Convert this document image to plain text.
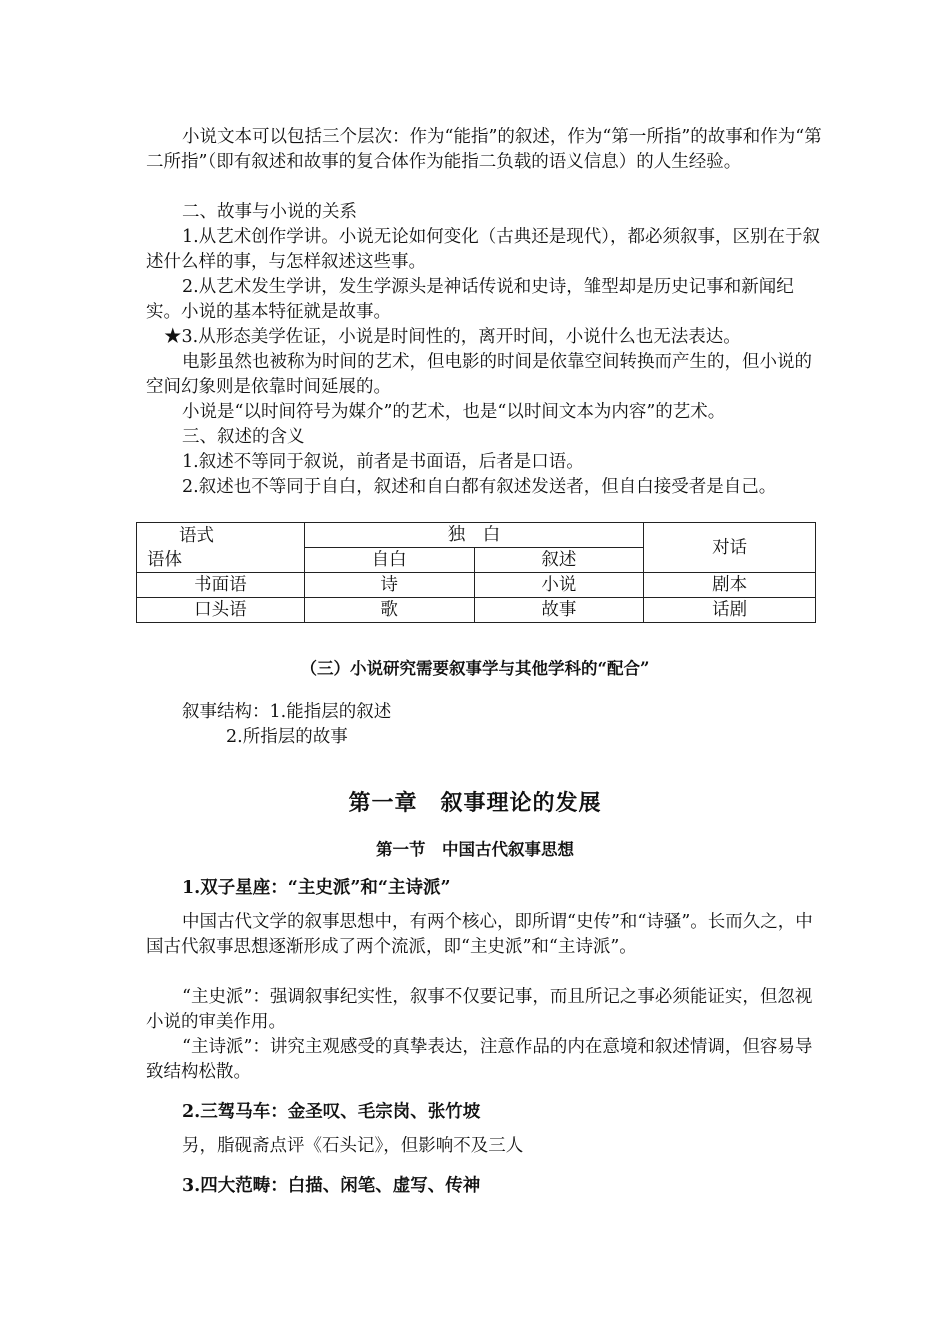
小说文本可以包括三个层次：作为“能指”的叙述，作为“第一所指”的故事和作为“第二所指”（即有叙述和故事的复合体作为能指二负载的语义信息）的人生经验。

二、故事与小说的关系

1.从艺术创作学讲。小说无论如何变化（古典还是现代），都必须叙事，区别在于叙述什么样的事，与怎样叙述这些事。

2.从艺术发生学讲，发生学源头是神话传说和史诗，雏型却是历史记事和新闻纪实。小说的基本特征就是故事。

★3.从形态美学佐证，小说是时间性的，离开时间，小说什么也无法表达。

电影虽然也被称为时间的艺术，但电影的时间是依靠空间转换而产生的，但小说的空间幻象则是依靠时间延展的。

小说是“以时间符号为媒介”的艺术，也是“以时间文本为内容”的艺术。

三、叙述的含义

1.叙述不等同于叙说，前者是书面语，后者是口语。

2.叙述也不等同于自白，叙述和自白都有叙述发送者，但自白接受者是自己。

语式
语体	独　白		对话
	自白	叙述	
书面语	诗	小说	剧本
口头语	歌	故事	话剧

（三）小说研究需要叙事学与其他学科的“配合”

叙事结构：1.能指层的叙述

2.所指层的故事

第一章　叙事理论的发展

第一节　中国古代叙事思想

1.双子星座：“主史派”和“主诗派”

中国古代文学的叙事思想中，有两个核心，即所谓“史传”和“诗骚”。长而久之，中国古代叙事思想逐渐形成了两个流派，即“主史派”和“主诗派”。

“主史派”：强调叙事纪实性，叙事不仅要记事，而且所记之事必须能证实，但忽视小说的审美作用。

“主诗派”：讲究主观感受的真挚表达，注意作品的内在意境和叙述情调，但容易导致结构松散。

2.三驾马车：金圣叹、毛宗岗、张竹坡

另，脂砚斋点评《石头记》，但影响不及三人

3.四大范畴：白描、闲笔、虚写、传神
